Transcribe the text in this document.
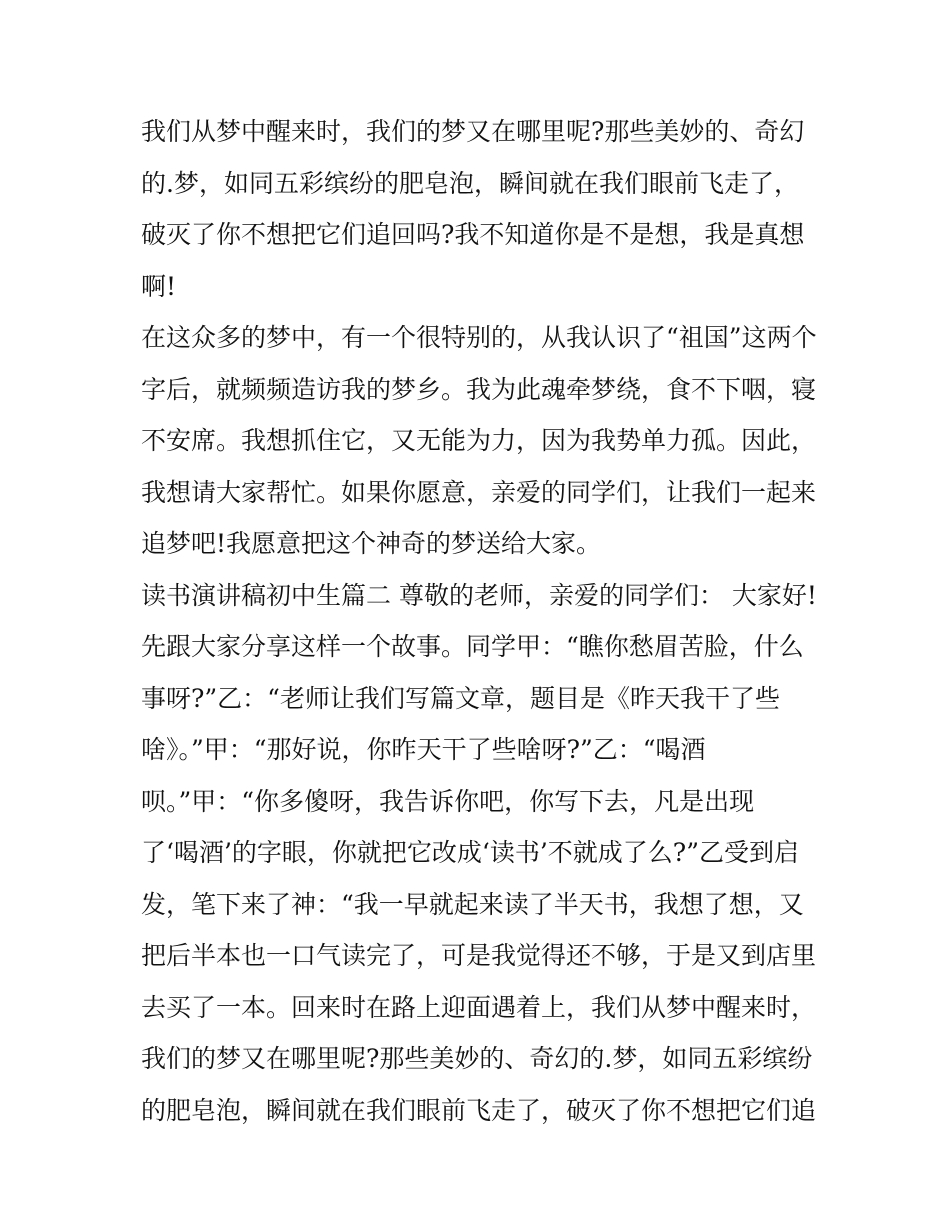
我们从梦中醒来时，我们的梦又在哪里呢?那些美妙的、奇幻
的.梦，如同五彩缤纷的肥皂泡，瞬间就在我们眼前飞走了，
破灭了你不想把它们追回吗?我不知道你是不是想，我是真想
啊!
在这众多的梦中，有一个很特别的，从我认识了“祖国”这两个
字后，就频频造访我的梦乡。我为此魂牵梦绕，食不下咽，寝
不安席。我想抓住它，又无能为力，因为我势单力孤。因此，
我想请大家帮忙。如果你愿意，亲爱的同学们，让我们一起来
追梦吧!我愿意把这个神奇的梦送给大家。
读书演讲稿初中生篇二 尊敬的老师，亲爱的同学们： 大家好!
先跟大家分享这样一个故事。同学甲：“瞧你愁眉苦脸，什么
事呀?”乙：“老师让我们写篇文章，题目是《昨天我干了些
啥》。”甲：“那好说，你昨天干了些啥呀?”乙：“喝酒
呗。”甲：“你多傻呀，我告诉你吧，你写下去，凡是出现
了‘喝酒’的字眼，你就把它改成‘读书’不就成了么?”乙受到启
发，笔下来了神：“我一早就起来读了半天书，我想了想，又
把后半本也一口气读完了，可是我觉得还不够，于是又到店里
去买了一本。回来时在路上迎面遇着上，我们从梦中醒来时，
我们的梦又在哪里呢?那些美妙的、奇幻的.梦，如同五彩缤纷
的肥皂泡，瞬间就在我们眼前飞走了，破灭了你不想把它们追
